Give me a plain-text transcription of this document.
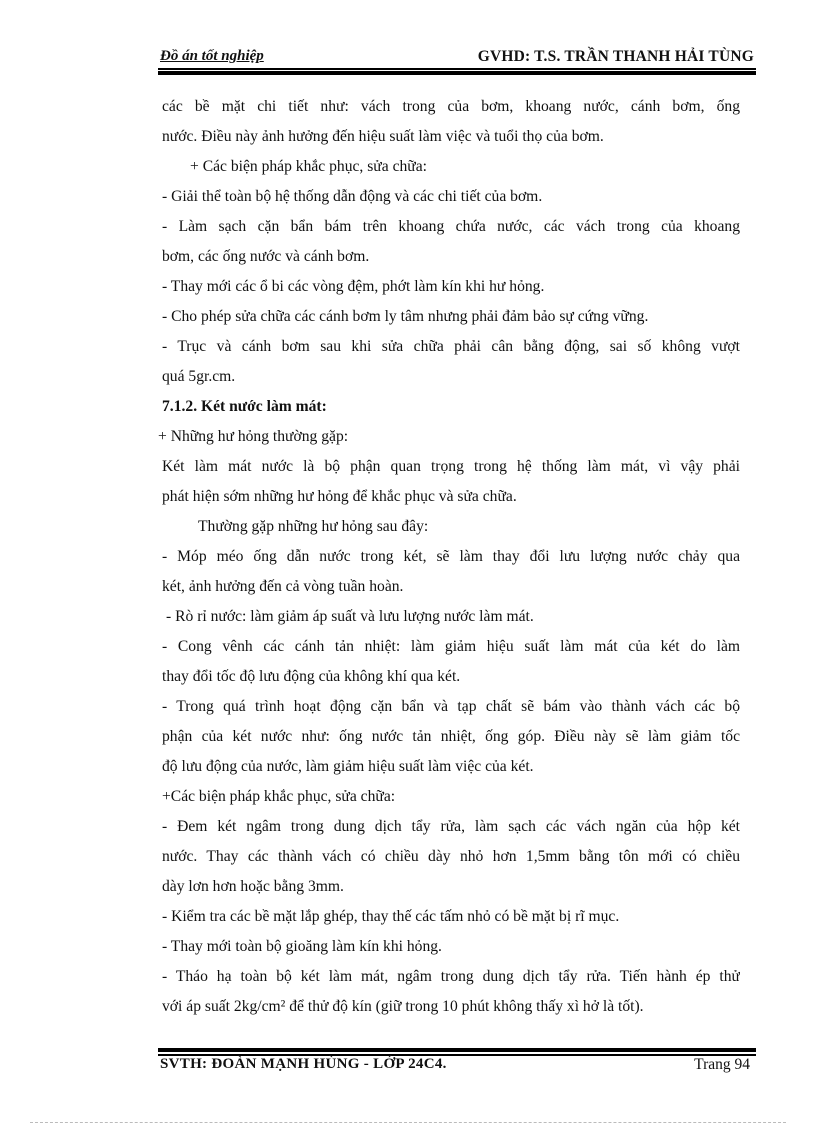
Đồ án tốt nghiệp	GVHD: T.S. TRẦN THANH HẢI TÙNG
các bề mặt chi tiết như: vách trong của bơm, khoang nước, cánh bơm, ống
nước. Điều này ảnh hưởng đến hiệu suất làm việc và tuổi thọ của bơm.
+ Các biện pháp khắc phục, sửa chữa:
- Giải thể toàn bộ hệ thống dẫn động và các chi tiết của bơm.
- Làm sạch cặn bẩn bám trên khoang chứa nước, các vách trong của khoang
bơm, các ống nước và cánh bơm.
- Thay mới các ổ bi các vòng đệm, phớt làm kín khi hư hỏng.
- Cho phép sửa chữa các cánh bơm ly tâm nhưng phải đảm bảo sự cứng vững.
- Trục và cánh bơm sau khi sửa chữa phải cân bằng động, sai số không vượt
quá 5gr.cm.
7.1.2. Két nước làm mát:
+ Những hư hỏng thường gặp:
Két làm mát nước là bộ phận quan trọng trong hệ thống làm mát, vì vậy phải
phát hiện sớm những hư hỏng để khắc phục và sửa chữa.
Thường gặp những hư hỏng sau đây:
- Móp méo ống dẫn nước trong két, sẽ làm thay đổi lưu lượng nước chảy qua
két, ảnh hưởng đến cả vòng tuần hoàn.
- Rò rỉ nước: làm giảm áp suất và lưu lượng nước làm mát.
- Cong vênh các cánh tản nhiệt: làm giảm hiệu suất làm mát của két do làm
thay đổi tốc độ lưu động của không khí qua két.
- Trong quá trình hoạt động cặn bẩn và tạp chất sẽ bám vào thành vách các bộ
phận của két nước như: ống nước tản nhiệt, ống góp. Điều này sẽ làm giảm tốc
độ lưu động của nước, làm giảm hiệu suất làm việc của két.
+Các biện pháp khắc phục, sửa chữa:
- Đem két ngâm trong dung dịch tẩy rửa, làm sạch các vách ngăn của hộp két
nước. Thay các thành vách có chiều dày nhỏ hơn 1,5mm bằng tôn mới có chiều
dày lơn hơn hoặc bằng 3mm.
- Kiểm tra các bề mặt lắp ghép, thay thế các tấm nhỏ có bề mặt bị rĩ mục.
- Thay mới toàn bộ gioăng làm kín khi hỏng.
- Tháo hạ toàn bộ két làm mát, ngâm trong dung dịch tẩy rửa. Tiến hành ép thử
với áp suất 2kg/cm² để thử độ kín (giữ trong 10 phút không thấy xì hở là tốt).
SVTH: ĐOÀN MẠNH HÙNG - LỚP 24C4.	Trang 94
